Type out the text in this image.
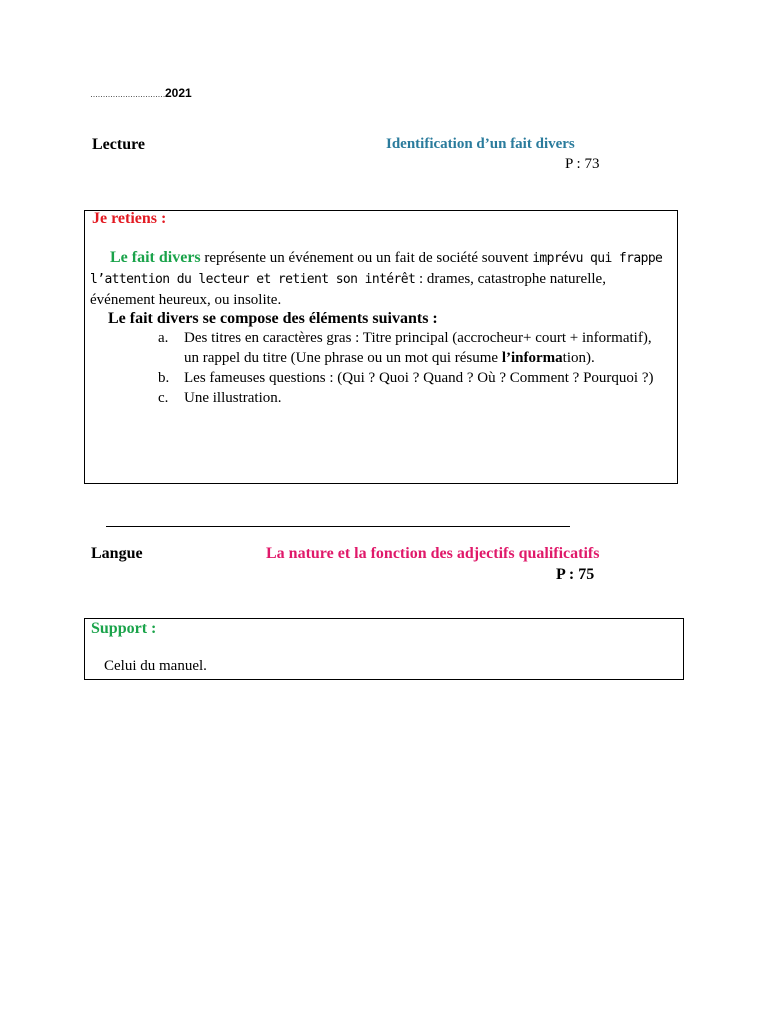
…………………………2021
Lecture	Identification d’un fait divers
P : 73
Je retiens :
Le fait divers représente un événement ou un fait de société souvent imprévu qui frappe l’attention du lecteur et retient son intérêt : drames, catastrophe naturelle, événement heureux, ou insolite.
Le fait divers se compose des éléments suivants :
a. Des titres en caractères gras : Titre principal (accrocheur+ court + informatif), un rappel du titre (Une phrase ou un mot qui résume l’information).
b. Les fameuses questions : (Qui ? Quoi ? Quand ? Où ? Comment ? Pourquoi ?)
c. Une illustration.
Langue	La nature et la fonction des adjectifs qualificatifs
P : 75
Support :
Celui du manuel.
